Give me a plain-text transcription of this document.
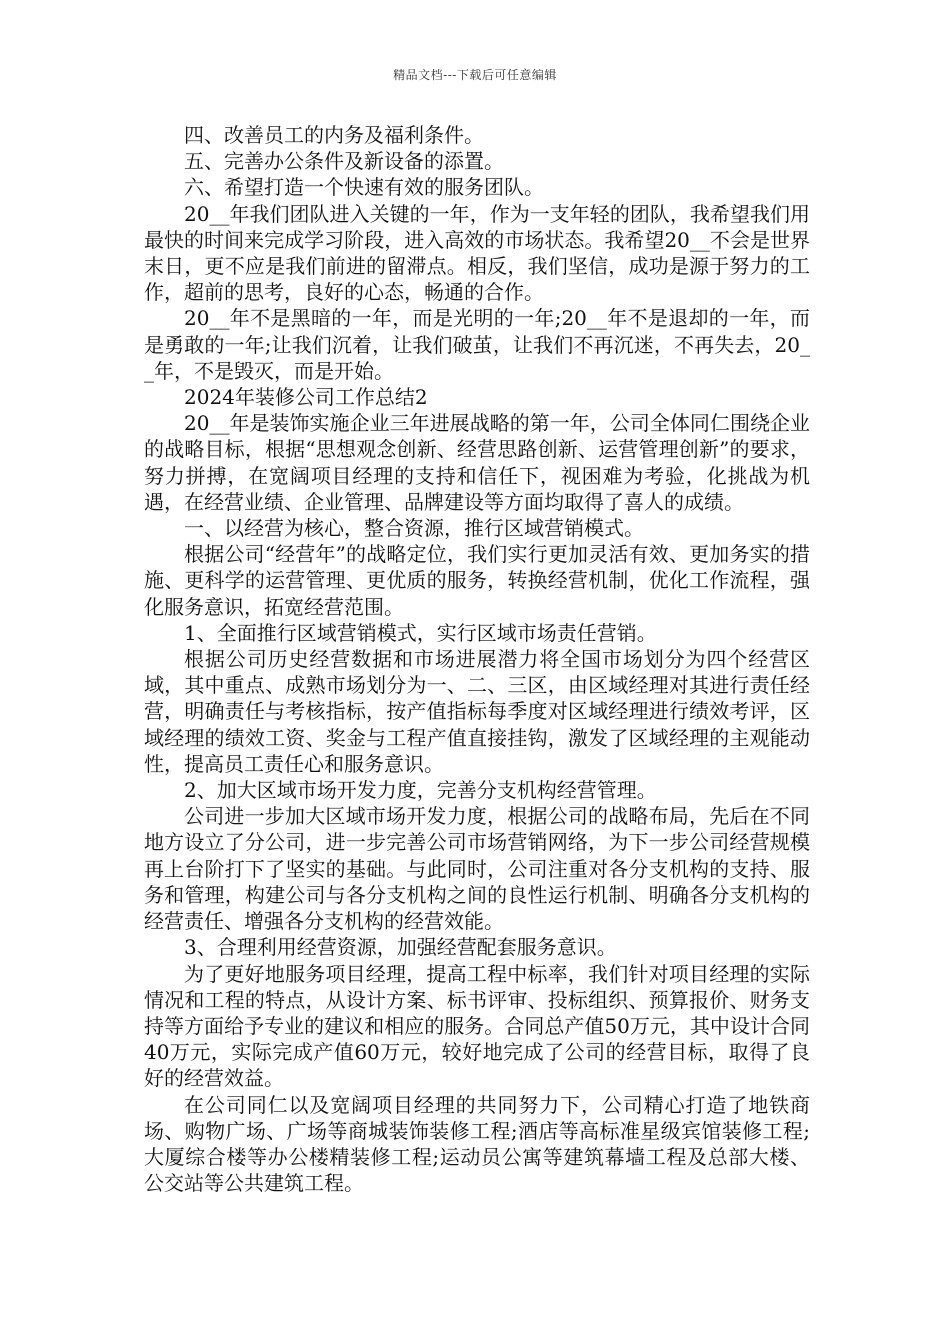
精品文档---下载后可任意编辑

四、改善员工的内务及福利条件。

五、完善办公条件及新设备的添置。

六、希望打造一个快速有效的服务团队。

20__年我们团队进入关键的一年，作为一支年轻的团队，我希望我们用最快的时间来完成学习阶段，进入高效的市场状态。我希望20__不会是世界末日，更不应是我们前进的留滞点。相反，我们坚信，成功是源于努力的工作，超前的思考，良好的心态，畅通的合作。

20__年不是黑暗的一年，而是光明的一年;20__年不是退却的一年，而是勇敢的一年;让我们沉着，让我们破茧，让我们不再沉迷，不再失去，20__年，不是毁灭，而是开始。

2024年装修公司工作总结2

20__年是装饰实施企业三年进展战略的第一年，公司全体同仁围绕企业的战略目标，根据“思想观念创新、经营思路创新、运营管理创新”的要求，努力拼搏，在宽阔项目经理的支持和信任下，视困难为考验，化挑战为机遇，在经营业绩、企业管理、品牌建设等方面均取得了喜人的成绩。

一、以经营为核心，整合资源，推行区域营销模式。

根据公司“经营年”的战略定位，我们实行更加灵活有效、更加务实的措施、更科学的运营管理、更优质的服务，转换经营机制，优化工作流程，强化服务意识，拓宽经营范围。

1、全面推行区域营销模式，实行区域市场责任营销。

根据公司历史经营数据和市场进展潜力将全国市场划分为四个经营区域，其中重点、成熟市场划分为一、二、三区，由区域经理对其进行责任经营，明确责任与考核指标，按产值指标每季度对区域经理进行绩效考评，区域经理的绩效工资、奖金与工程产值直接挂钩，激发了区域经理的主观能动性，提高员工责任心和服务意识。

2、加大区域市场开发力度，完善分支机构经营管理。

公司进一步加大区域市场开发力度，根据公司的战略布局，先后在不同地方设立了分公司，进一步完善公司市场营销网络，为下一步公司经营规模再上台阶打下了坚实的基础。与此同时，公司注重对各分支机构的支持、服务和管理，构建公司与各分支机构之间的良性运行机制、明确各分支机构的经营责任、增强各分支机构的经营效能。

3、合理利用经营资源，加强经营配套服务意识。

为了更好地服务项目经理，提高工程中标率，我们针对项目经理的实际情况和工程的特点，从设计方案、标书评审、投标组织、预算报价、财务支持等方面给予专业的建议和相应的服务。合同总产值50万元，其中设计合同40万元，实际完成产值60万元，较好地完成了公司的经营目标，取得了良好的经营效益。

在公司同仁以及宽阔项目经理的共同努力下，公司精心打造了地铁商场、购物广场、广场等商城装饰装修工程;酒店等高标准星级宾馆装修工程;大厦综合楼等办公楼精装修工程;运动员公寓等建筑幕墙工程及总部大楼、公交站等公共建筑工程。
